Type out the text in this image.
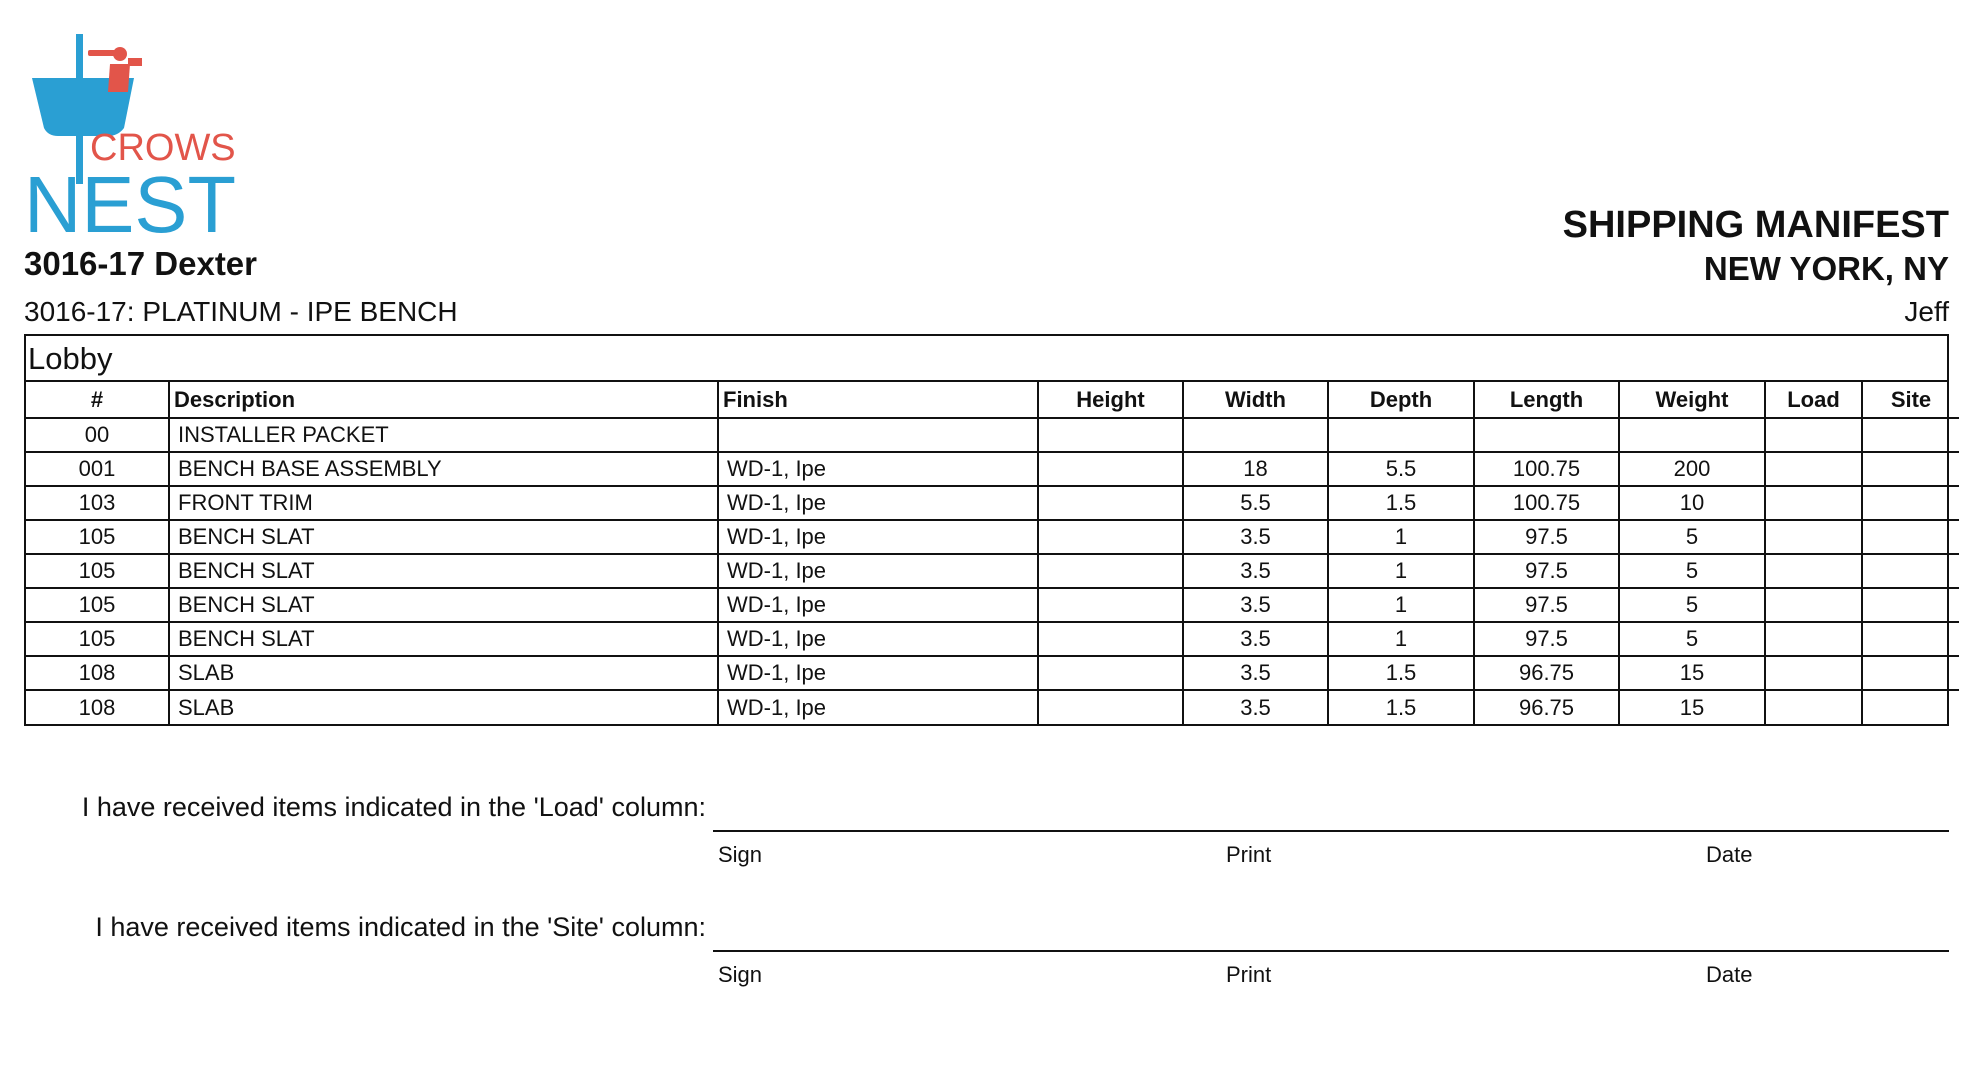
CROWS
NEST
3016-17 Dexter
3016-17: PLATINUM - IPE BENCH
SHIPPING MANIFEST
NEW YORK, NY
Jeff
Lobby
#	Description	Finish	Height	Width	Depth	Length	Weight	Load	Site
00	INSTALLER PACKET								
001	BENCH BASE ASSEMBLY	WD-1, Ipe		18	5.5	100.75	200		
103	FRONT TRIM	WD-1, Ipe		5.5	1.5	100.75	10		
105	BENCH SLAT	WD-1, Ipe		3.5	1	97.5	5		
105	BENCH SLAT	WD-1, Ipe		3.5	1	97.5	5		
105	BENCH SLAT	WD-1, Ipe		3.5	1	97.5	5		
105	BENCH SLAT	WD-1, Ipe		3.5	1	97.5	5		
108	SLAB	WD-1, Ipe		3.5	1.5	96.75	15		
108	SLAB	WD-1, Ipe		3.5	1.5	96.75	15		
I have received items indicated in the 'Load' column:
Sign	Print	Date
I have received items indicated in the 'Site' column:
Sign	Print	Date
